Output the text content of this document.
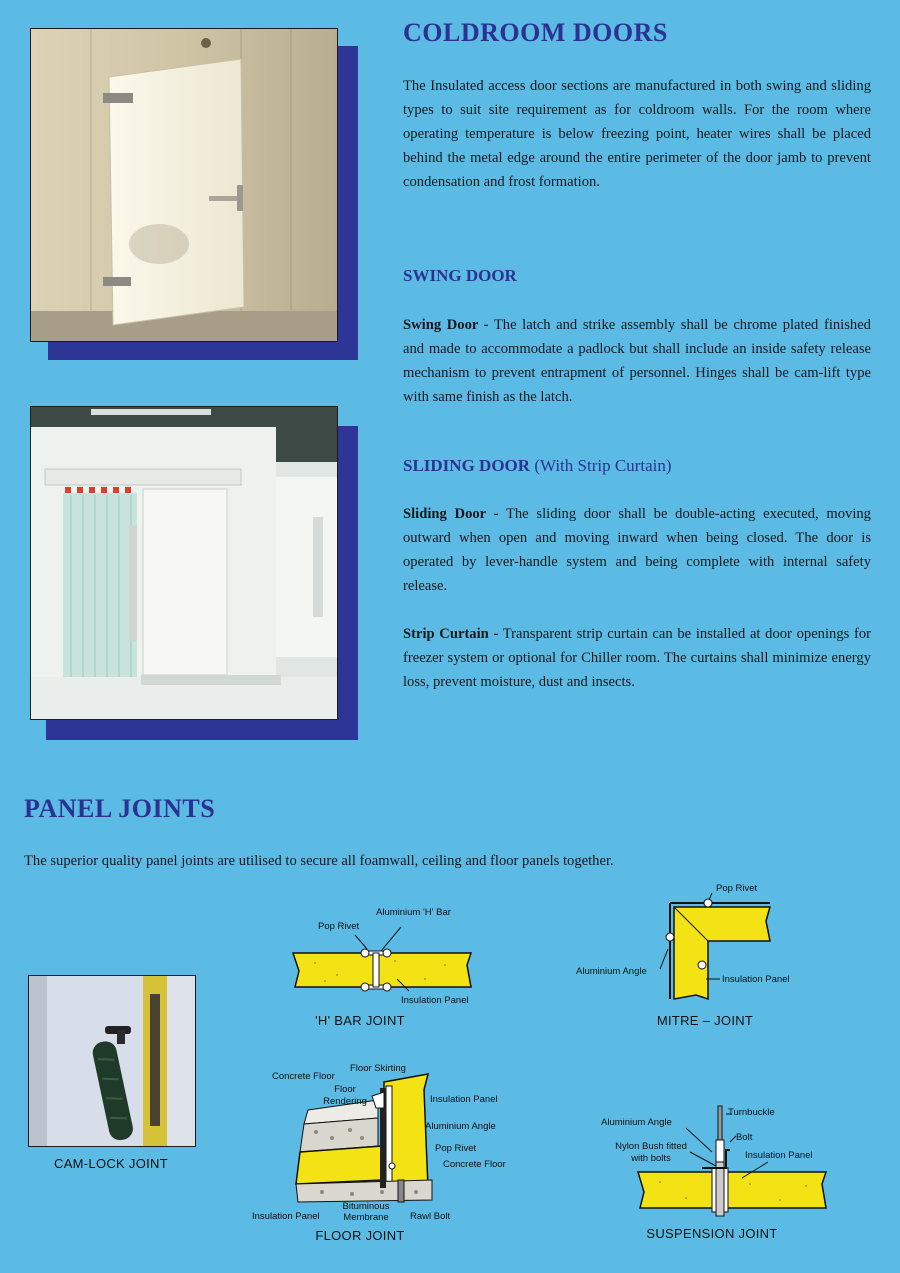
COLDROOM DOORS

The Insulated access door sections are manufactured in both swing and sliding types to suit site requirement as for coldroom walls. For the room where operating temperature is below freezing point, heater wires shall be placed behind the metal edge around the entire perimeter of the door jamb to prevent condensation and frost formation.

SWING DOOR

Swing Door - The latch and strike assembly shall be chrome plated finished and made to accommodate a padlock but shall include an inside safety release mechanism to prevent entrapment of personnel. Hinges shall be cam-lift type with same finish as the latch.

SLIDING DOOR (With Strip Curtain)

Sliding Door - The sliding door shall be double-acting executed, moving outward when open and moving inward when being closed. The door is operated by lever-handle system and being complete with internal safety release.

Strip Curtain - Transparent strip curtain can be installed at door openings for freezer system or optional for Chiller room. The curtains shall minimize energy loss, prevent moisture, dust and insects.

PANEL JOINTS

The superior quality panel joints are utilised to secure all foamwall, ceiling and floor panels together.

CAM-LOCK JOINT
Aluminium 'H' Bar
Pop Rivet
Insulation Panel
'H' BAR JOINT
Pop Rivet
Aluminium Angle
Insulation Panel
MITRE – JOINT
Floor Skirting
Concrete Floor
Floor
Rendering	Insulation Panel
Aluminium Angle
Pop Rivet
Concrete Floor
Insulation Panel
Bituminous
Membrane	Rawl Bolt
FLOOR JOINT
Aluminium Angle
Turnbuckle
Bolt
Nylon Bush fitted
with bolts	Insulation Panel
SUSPENSION JOINT
